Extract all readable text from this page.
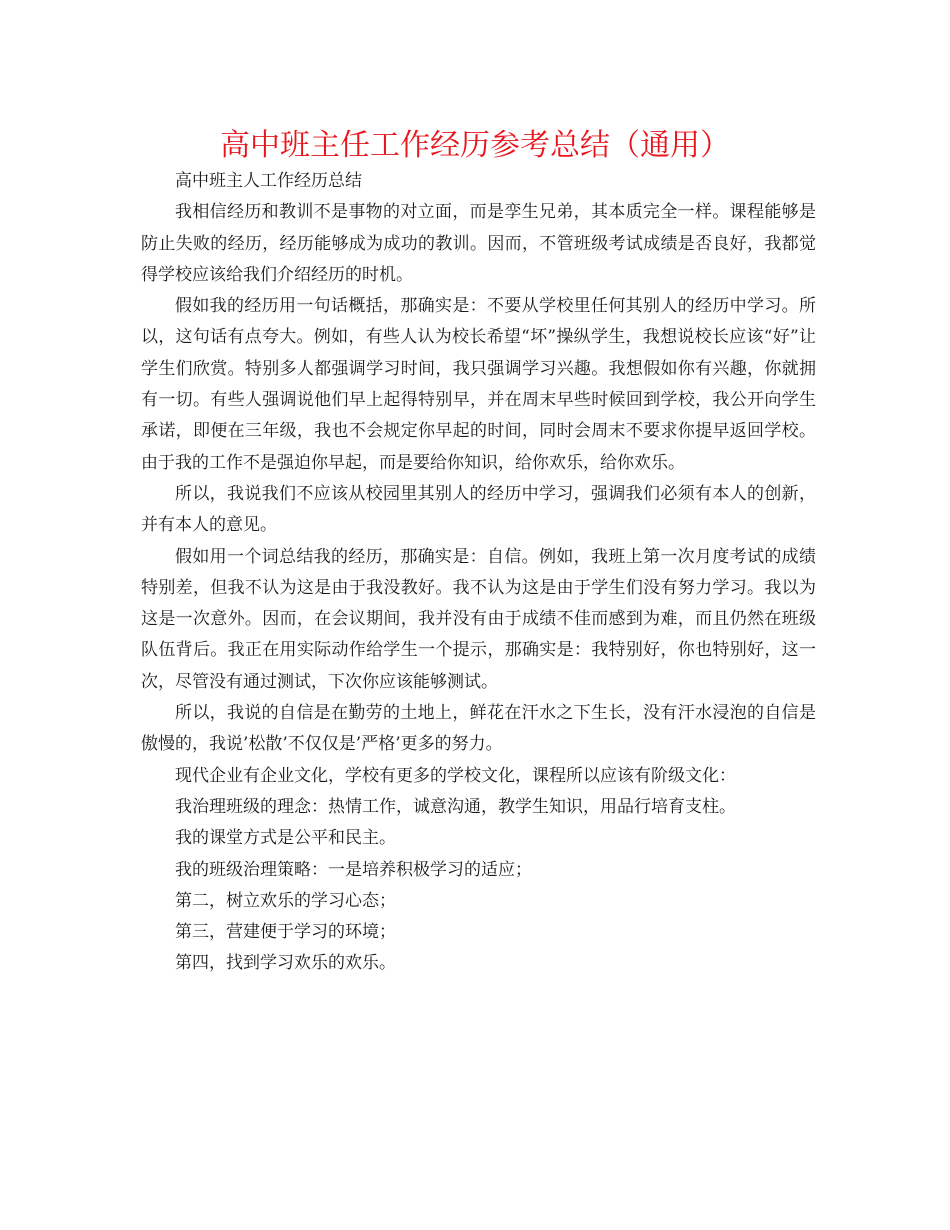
高中班主任工作经历参考总结（通用）

高中班主人工作经历总结

我相信经历和教训不是事物的对立面，而是孪生兄弟，其本质完全一样。课程能够是防止失败的经历，经历能够成为成功的教训。因而，不管班级考试成绩是否良好，我都觉得学校应该给我们介绍经历的时机。

假如我的经历用一句话概括，那确实是：不要从学校里任何其别人的经历中学习。所以，这句话有点夸大。例如，有些人认为校长希望“坏”操纵学生，我想说校长应该“好”让学生们欣赏。特别多人都强调学习时间，我只强调学习兴趣。我想假如你有兴趣，你就拥有一切。有些人强调说他们早上起得特别早，并在周末早些时候回到学校，我公开向学生承诺，即便在三年级，我也不会规定你早起的时间，同时会周末不要求你提早返回学校。由于我的工作不是强迫你早起，而是要给你知识，给你欢乐，给你欢乐。

所以，我说我们不应该从校园里其别人的经历中学习，强调我们必须有本人的创新，并有本人的意见。

假如用一个词总结我的经历，那确实是：自信。例如，我班上第一次月度考试的成绩特别差，但我不认为这是由于我没教好。我不认为这是由于学生们没有努力学习。我以为这是一次意外。因而，在会议期间，我并没有由于成绩不佳而感到为难，而且仍然在班级队伍背后。我正在用实际动作给学生一个提示，那确实是：我特别好，你也特别好，这一次，尽管没有通过测试，下次你应该能够测试。

所以，我说的自信是在勤劳的土地上，鲜花在汗水之下生长，没有汗水浸泡的自信是傲慢的，我说’松散’不仅仅是’严格’更多的努力。

现代企业有企业文化，学校有更多的学校文化，课程所以应该有阶级文化：

我治理班级的理念：热情工作，诚意沟通，教学生知识，用品行培育支柱。

我的课堂方式是公平和民主。

我的班级治理策略：一是培养积极学习的适应；

第二，树立欢乐的学习心态；

第三，营建便于学习的环境；

第四，找到学习欢乐的欢乐。
